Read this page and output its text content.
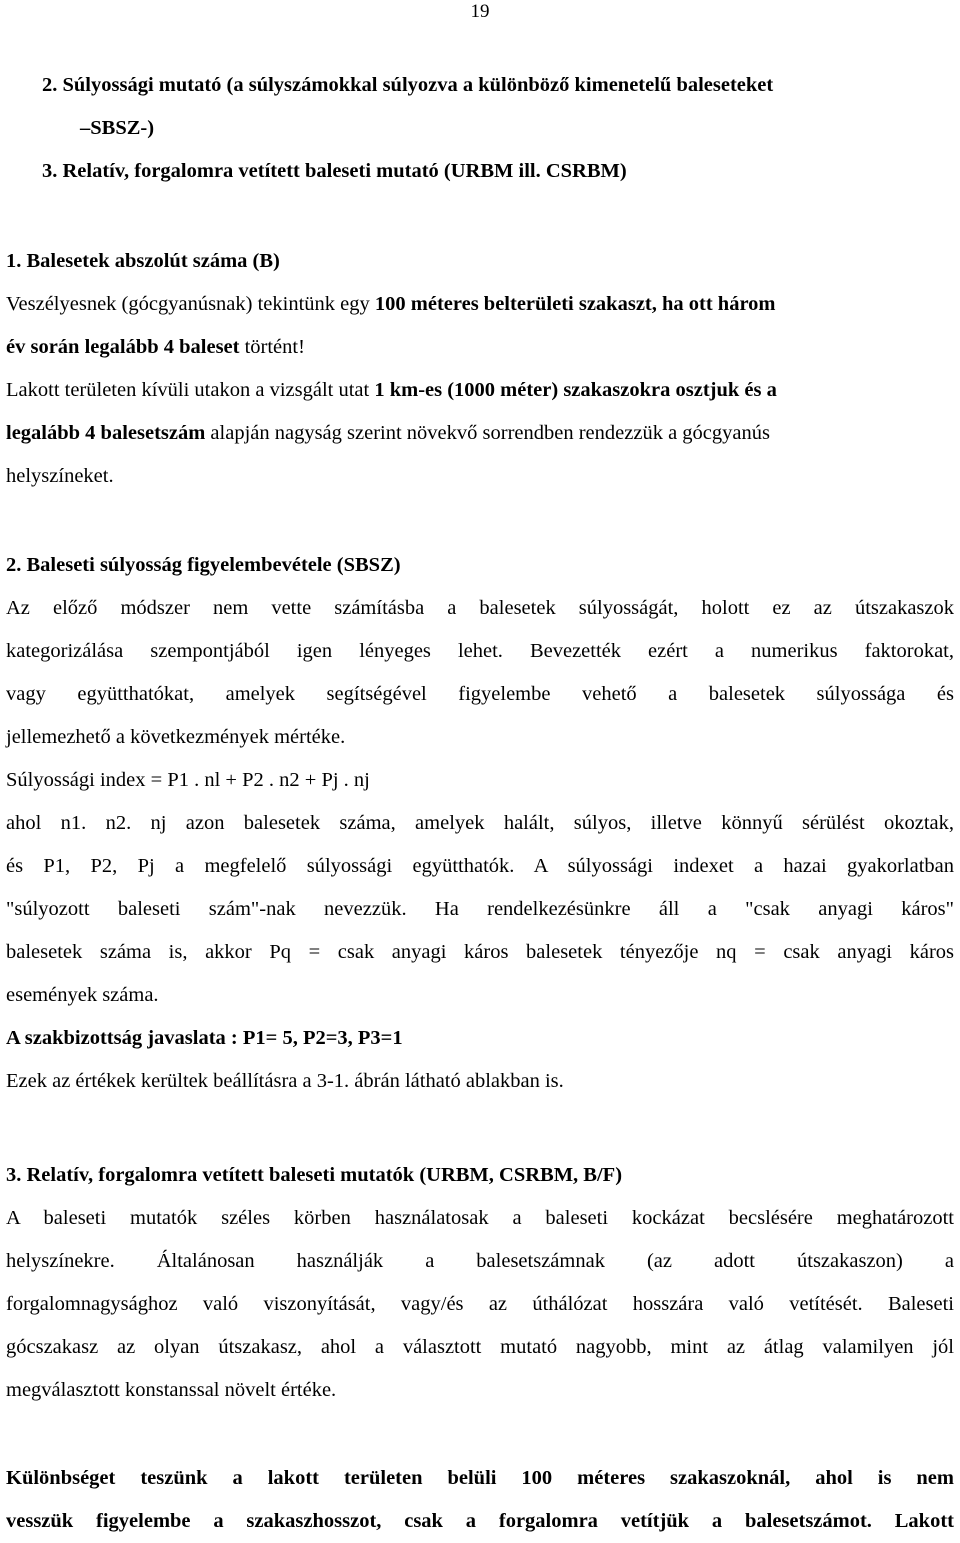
19
2. Súlyossági mutató (a súlyszámokkal súlyozva a különböző kimenetelű baleseteket
–SBSZ-)
3. Relatív, forgalomra vetített baleseti mutató (URBM ill. CSRBM)
1. Balesetek abszolút száma (B)
Veszélyesnek (gócgyanúsnak) tekintünk egy 100 méteres belterületi szakaszt, ha ott három
év során legalább 4 baleset történt!
Lakott területen kívüli utakon a vizsgált utat 1 km-es (1000 méter) szakaszokra osztjuk és a
legalább 4 balesetszám alapján nagyság szerint növekvő sorrendben rendezzük a gócgyanús
helyszíneket.
2. Baleseti súlyosság figyelembevétele (SBSZ)
Az előző módszer nem vette számításba a balesetek súlyosságát, holott ez az útszakaszok
kategorizálása szempontjából igen lényeges lehet. Bevezették ezért a numerikus faktorokat,
vagy együtthatókat, amelyek segítségével figyelembe vehető a balesetek súlyossága és
jellemezhető a következmények mértéke.
Súlyossági index = P1 . nl + P2 . n2 + Pj . nj
ahol n1. n2. nj azon balesetek száma, amelyek halált, súlyos, illetve könnyű sérülést okoztak,
és P1, P2, Pj a megfelelő súlyossági együtthatók. A súlyossági indexet a hazai gyakorlatban
"súlyozott baleseti szám"-nak nevezzük. Ha rendelkezésünkre áll a "csak anyagi káros"
balesetek száma is, akkor Pq = csak anyagi káros balesetek tényezője nq = csak anyagi káros
események száma.
A szakbizottság javaslata : P1= 5, P2=3, P3=1
Ezek az értékek kerültek beállításra a 3-1. ábrán látható ablakban is.
3. Relatív, forgalomra vetített baleseti mutatók (URBM, CSRBM, B/F)
A baleseti mutatók széles körben használatosak a baleseti kockázat becslésére meghatározott
helyszínekre. Általánosan használják a balesetszámnak (az adott útszakaszon) a
forgalomnagysághoz való viszonyítását, vagy/és az úthálózat hosszára való vetítését. Baleseti
gócszakasz az olyan útszakasz, ahol a választott mutató nagyobb, mint az átlag valamilyen jól
megválasztott konstanssal növelt értéke.
Különbséget teszünk a lakott területen belüli 100 méteres szakaszoknál, ahol is nem
vesszük figyelembe a szakaszhosszot, csak a forgalomra vetítjük a balesetszámot. Lakott
